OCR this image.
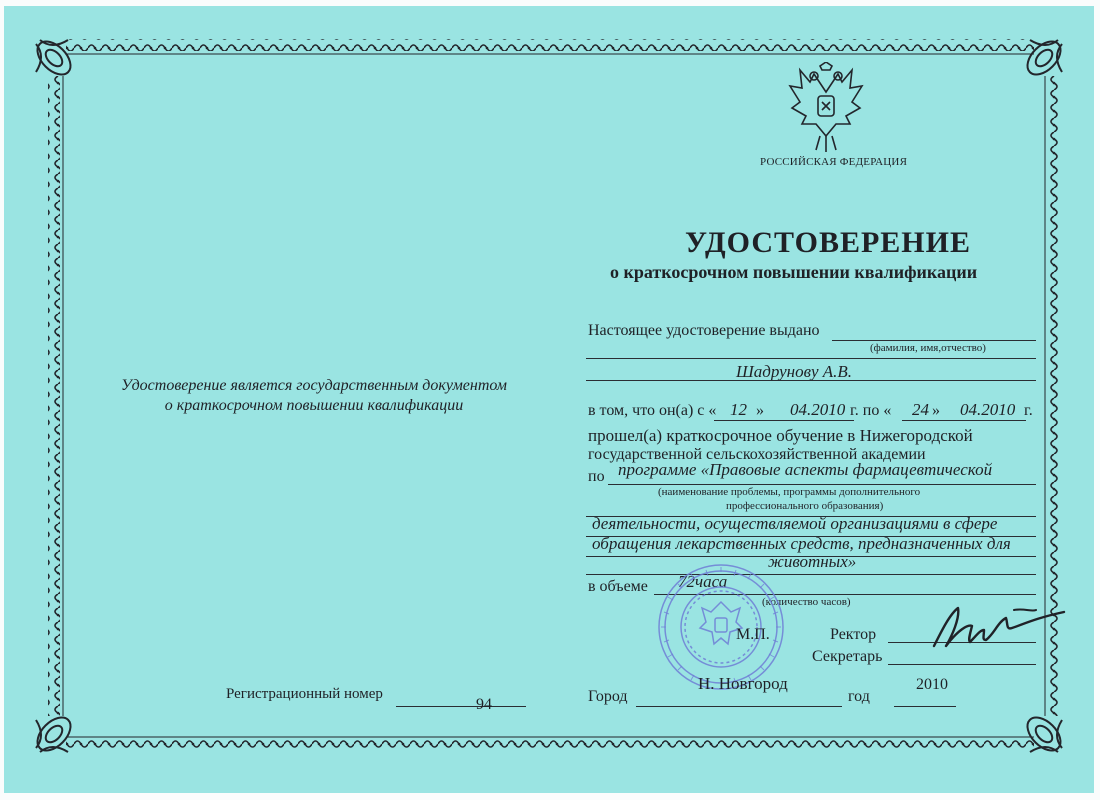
РОССИЙСКАЯ ФЕДЕРАЦИЯ
УДОСТОВЕРЕНИЕ
о краткосрочном повышении квалификации
Удостоверение является государственным документом
о краткосрочном повышении квалификации
Настоящее удостоверение выдано
(фамилия, имя,отчество)
Шадрунову А.В.
в том, что он(а) с « 12 » 04.2010 г. по « 24 » 04.2010 г.
прошел(а) краткосрочное обучение в Нижегородской
государственной сельскохозяйственной академии
по программе «Правовые аспекты фармацевтической
(наименование проблемы, программы дополнительного
профессионального образования)
деятельности, осуществляемой организациями в сфере
обращения лекарственных средств, предназначенных для
животных»
в объеме 72часа
(количество часов)
М.П.	Ректор
Секретарь
Регистрационный номер
94	Город
Н. Новгород	2010
год
